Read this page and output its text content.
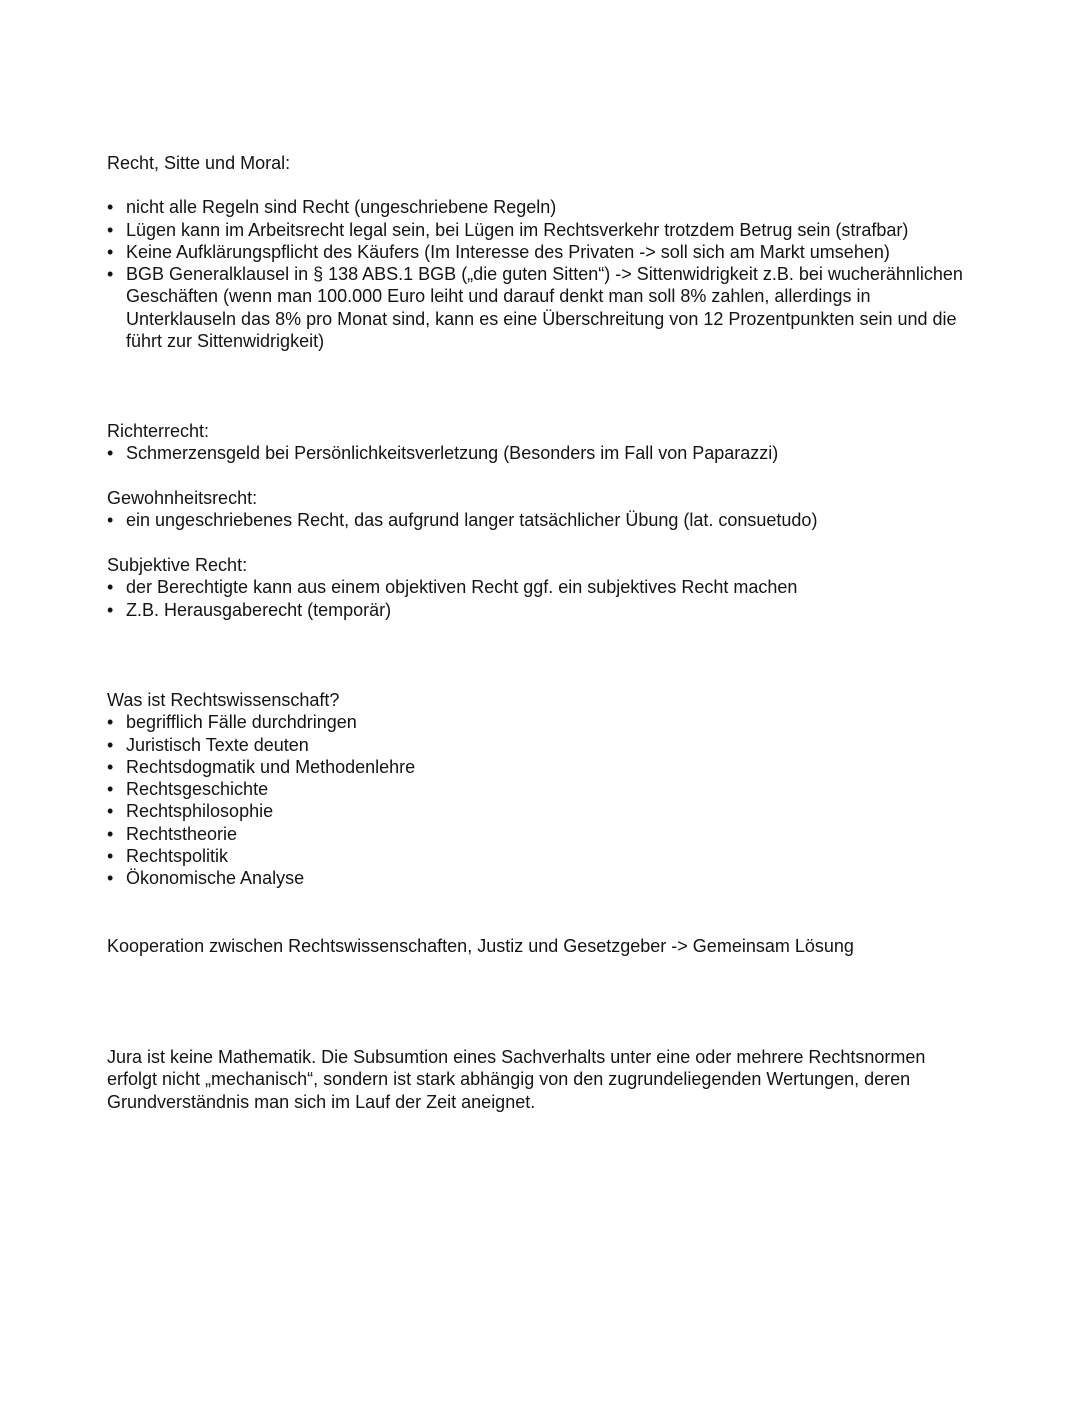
Recht, Sitte und Moral:
• nicht alle Regeln sind Recht (ungeschriebene Regeln)
• Lügen kann im Arbeitsrecht legal sein, bei Lügen im Rechtsverkehr trotzdem Betrug sein (strafbar)
• Keine Aufklärungspflicht des Käufers (Im Interesse des Privaten -> soll sich am Markt umsehen)
• BGB Generalklausel in § 138 ABS.1 BGB („die guten Sitten“) -> Sittenwidrigkeit z.B. bei wucherähnlichen Geschäften (wenn man 100.000 Euro leiht und darauf denkt man soll 8% zahlen, allerdings in Unterklauseln das 8% pro Monat sind, kann es eine Überschreitung von 12 Prozentpunkten sein und die führt zur Sittenwidrigkeit)
Richterrecht:
• Schmerzensgeld bei Persönlichkeitsverletzung (Besonders im Fall von Paparazzi)
Gewohnheitsrecht:
• ein ungeschriebenes Recht, das aufgrund langer tatsächlicher Übung (lat. consuetudo)
Subjektive Recht:
• der Berechtigte kann aus einem objektiven Recht ggf. ein subjektives Recht machen
• Z.B. Herausgaberecht (temporär)
Was ist Rechtswissenschaft?
• begrifflich Fälle durchdringen
• Juristisch Texte deuten
• Rechtsdogmatik und Methodenlehre
• Rechtsgeschichte
• Rechtsphilosophie
• Rechtstheorie
• Rechtspolitik
• Ökonomische Analyse

Kooperation zwischen Rechtswissenschaften, Justiz und Gesetzgeber -> Gemeinsam Lösung

Jura ist keine Mathematik. Die Subsumtion eines Sachverhalts unter eine oder mehrere Rechtsnormen erfolgt nicht „mechanisch“, sondern ist stark abhängig von den zugrundeliegenden Wertungen, deren Grundverständnis man sich im Lauf der Zeit aneignet.
